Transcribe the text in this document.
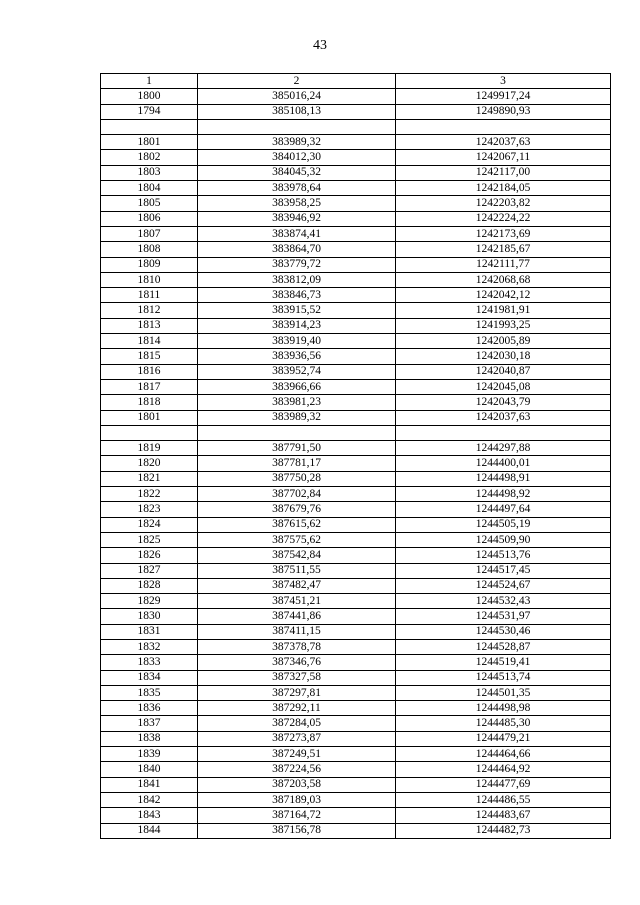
43
1	2	3
1800	385016,24	1249917,24
1794	385108,13	1249890,93

1801	383989,32	1242037,63
1802	384012,30	1242067,11
1803	384045,32	1242117,00
1804	383978,64	1242184,05
1805	383958,25	1242203,82
1806	383946,92	1242224,22
1807	383874,41	1242173,69
1808	383864,70	1242185,67
1809	383779,72	1242111,77
1810	383812,09	1242068,68
1811	383846,73	1242042,12
1812	383915,52	1241981,91
1813	383914,23	1241993,25
1814	383919,40	1242005,89
1815	383936,56	1242030,18
1816	383952,74	1242040,87
1817	383966,66	1242045,08
1818	383981,23	1242043,79
1801	383989,32	1242037,63

1819	387791,50	1244297,88
1820	387781,17	1244400,01
1821	387750,28	1244498,91
1822	387702,84	1244498,92
1823	387679,76	1244497,64
1824	387615,62	1244505,19
1825	387575,62	1244509,90
1826	387542,84	1244513,76
1827	387511,55	1244517,45
1828	387482,47	1244524,67
1829	387451,21	1244532,43
1830	387441,86	1244531,97
1831	387411,15	1244530,46
1832	387378,78	1244528,87
1833	387346,76	1244519,41
1834	387327,58	1244513,74
1835	387297,81	1244501,35
1836	387292,11	1244498,98
1837	387284,05	1244485,30
1838	387273,87	1244479,21
1839	387249,51	1244464,66
1840	387224,56	1244464,92
1841	387203,58	1244477,69
1842	387189,03	1244486,55
1843	387164,72	1244483,67
1844	387156,78	1244482,73
